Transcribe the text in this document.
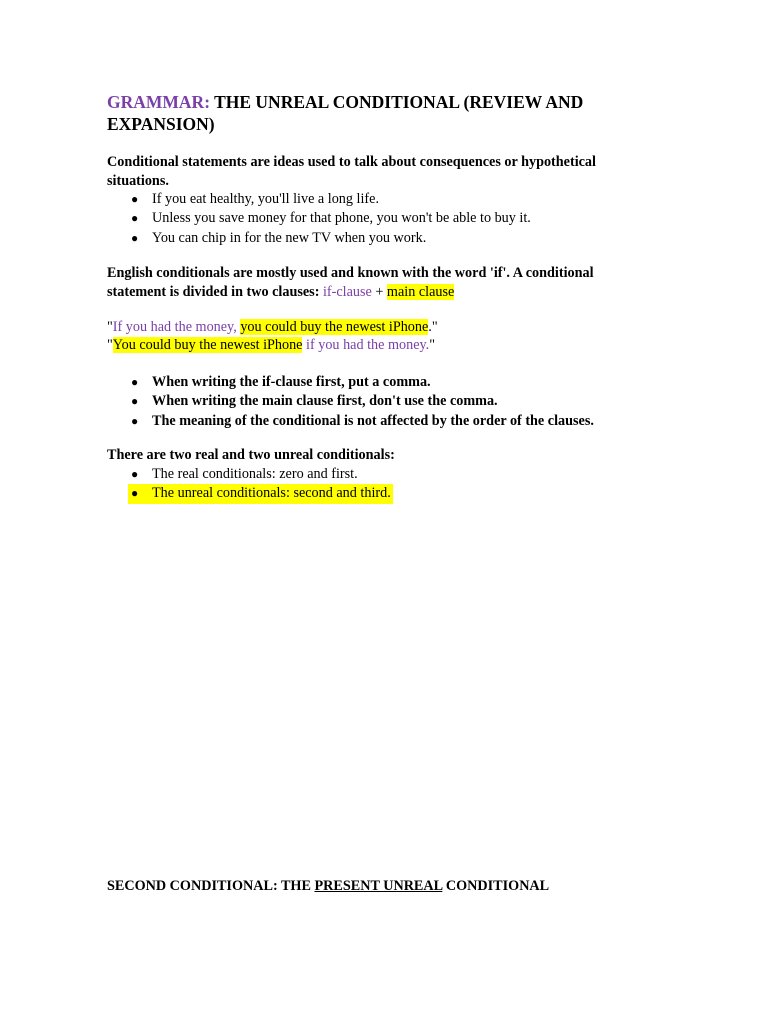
GRAMMAR: THE UNREAL CONDITIONAL (REVIEW AND EXPANSION)

Conditional statements are ideas used to talk about consequences or hypothetical situations.

● If you eat healthy, you'll live a long life.
● Unless you save money for that phone, you won't be able to buy it.
● You can chip in for the new TV when you work.

English conditionals are mostly used and known with the word 'if'. A conditional statement is divided in two clauses: if-clause + main clause

"If you had the money, you could buy the newest iPhone."

"You could buy the newest iPhone if you had the money."

● When writing the if-clause first, put a comma.
● When writing the main clause first, don't use the comma.
● The meaning of the conditional is not affected by the order of the clauses.

There are two real and two unreal conditionals:

● The real conditionals: zero and first.
● The unreal conditionals: second and third.

SECOND CONDITIONAL: THE PRESENT UNREAL CONDITIONAL
